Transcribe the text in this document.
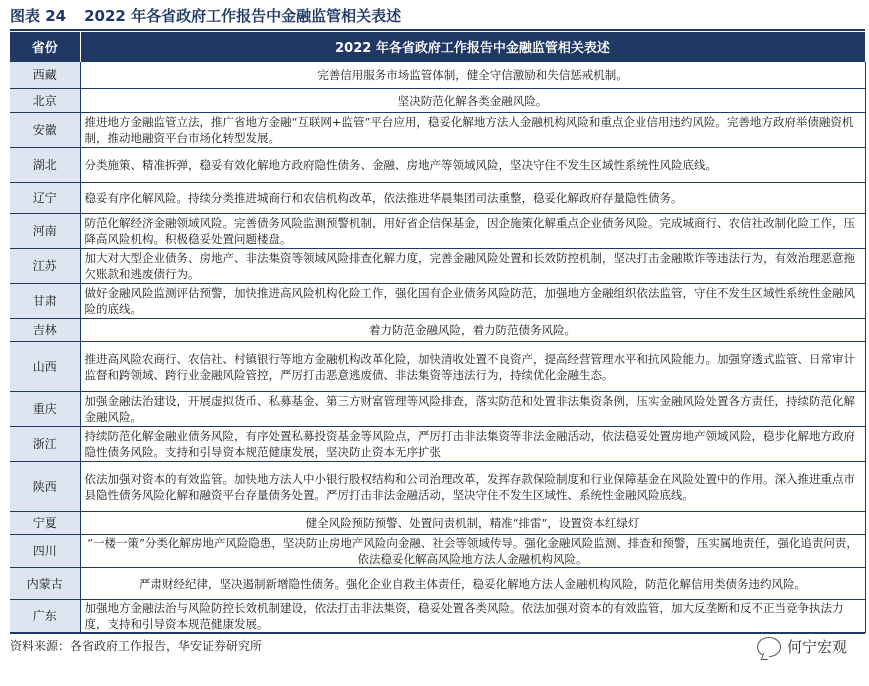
图表 24 2022 年各省政府工作报告中金融监管相关表述
省份	2022 年各省政府工作报告中金融监管相关表述
西藏	完善信用服务市场监管体制，健全守信激励和失信惩戒机制。
北京	坚决防范化解各类金融风险。
安徽	推进地方金融监管立法，推广省地方金融“互联网+监管”平台应用，稳妥化解地方法人金融机构风险和重点企业信用违约风险。完善地方政府举债融资机制，推动地融资平台市场化转型发展。
湖北	分类施策、精准拆弹，稳妥有效化解地方政府隐性债务、金融、房地产等领域风险，坚决守住不发生区域性系统性风险底线。
辽宁	稳妥有序化解风险。持续分类推进城商行和农信机构改革，依法推进华晨集团司法重整，稳妥化解政府存量隐性债务。
河南	防范化解经济金融领域风险。完善债务风险监测预警机制，用好省企信保基金，因企施策化解重点企业债务风险。完成城商行、农信社改制化险工作，压降高风险机构。积极稳妥处置问题楼盘。
江苏	加大对大型企业债务、房地产、非法集资等领域风险排查化解力度，完善金融风险处置和长效防控机制，坚决打击金融欺诈等违法行为，有效治理恶意拖欠账款和逃废债行为。
甘肃	做好金融风险监测评估预警，加快推进高风险机构化险工作，强化国有企业债务风险防范，加强地方金融组织依法监管，守住不发生区域性系统性金融风险的底线。
吉林	着力防范金融风险，着力防范债务风险。
山西	推进高风险农商行、农信社、村镇银行等地方金融机构改革化险，加快清收处置不良资产，提高经营管理水平和抗风险能力。加强穿透式监管、日常审计监督和跨领域、跨行业金融风险管控，严厉打击恶意逃废债、非法集资等违法行为，持续优化金融生态。
重庆	加强金融法治建设，开展虚拟货币、私募基金、第三方财富管理等风险排查，落实防范和处置非法集资条例，压实金融风险处置各方责任，持续防范化解金融风险。
浙江	持续防范化解金融业债务风险，有序处置私募投资基金等风险点，严厉打击非法集资等非法金融活动，依法稳妥处置房地产领域风险，稳步化解地方政府隐性债务风险。支持和引导资本规范健康发展，坚决防止资本无序扩张
陕西	依法加强对资本的有效监管。加快地方法人中小银行股权结构和公司治理改革，发挥存款保险制度和行业保障基金在风险处置中的作用。深入推进重点市县隐性债务风险化解和融资平台存量债务处置。严厉打击非法金融活动，坚决守住不发生区域性、系统性金融风险底线。
宁夏	健全风险预防预警、处置问责机制，精准“排雷”，设置资本红绿灯
四川	“一楼一策”分类化解房地产风险隐患，坚决防止房地产风险向金融、社会等领域传导。强化金融风险监测、排查和预警，压实属地责任，强化追责问责，依法稳妥化解高风险地方法人金融机构风险。
内蒙古	严肃财经纪律，坚决遏制新增隐性债务。强化企业自救主体责任，稳妥化解地方法人金融机构风险，防范化解信用类债务违约风险。
广东	加强地方金融法治与风险防控长效机制建设，依法打击非法集资，稳妥处置各类风险。依法加强对资本的有效监管，加大反垄断和反不正当竞争执法力度，支持和引导资本规范健康发展。
资料来源：各省政府工作报告，华安证券研究所	何宁宏观
